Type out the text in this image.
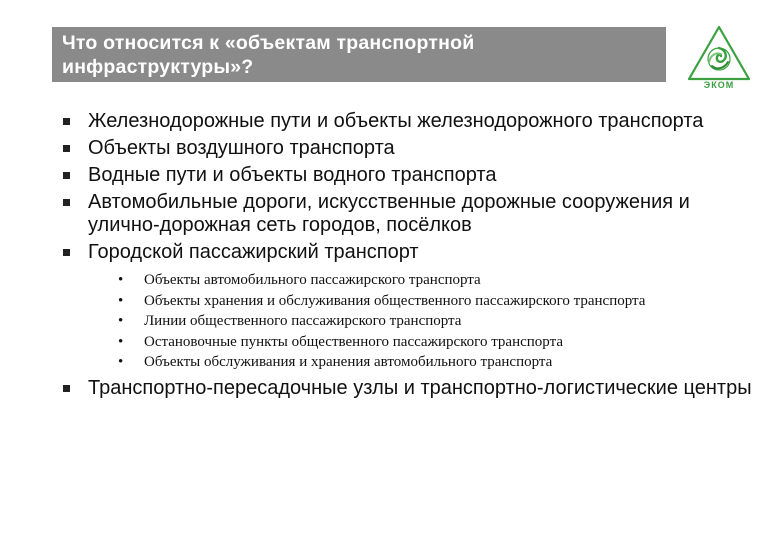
Что относится к «объектам транспортной инфраструктуры»?
ЭКОМ
Железнодорожные пути и объекты железнодорожного транспорта
Объекты воздушного транспорта
Водные пути и объекты водного транспорта
Автомобильные дороги, искусственные дорожные сооружения и улично-дорожная сеть городов, посёлков
Городской пассажирский транспорт
•	Объекты автомобильного пассажирского транспорта
•	Объекты хранения и обслуживания общественного пассажирского транспорта
•	Линии общественного пассажирского транспорта
•	Остановочные пункты общественного пассажирского транспорта
•	Объекты обслуживания и хранения автомобильного транспорта
Транспортно-пересадочные узлы и транспортно-логистические центры
